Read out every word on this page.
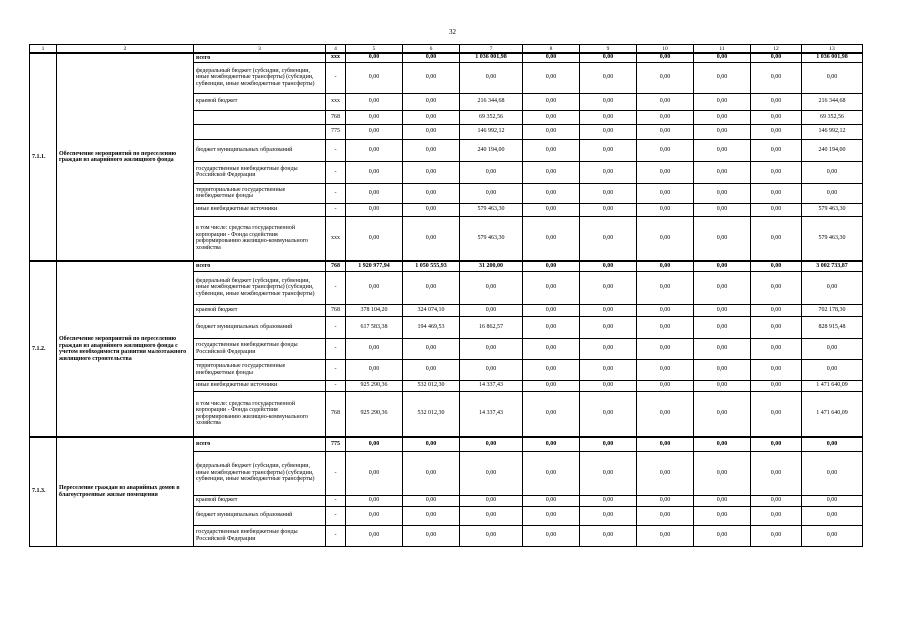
32
1	2	3	4	5	6	7	8	9	10	11	12	13
7.1.1.	Обеспечение мероприятий по переселению граждан из аварийного жилищного фонда	всего	xxx	0,00	0,00	1 036 001,98	0,00	0,00	0,00	0,00	0,00	1 036 001,98
		федеральный бюджет (субсидии, субвенции, иные межбюджетные трансферты) (субсидии, субвенции, иные межбюджетные трансферты)	-	0,00	0,00	0,00	0,00	0,00	0,00	0,00	0,00	0,00
		краевой бюджет	xxx	0,00	0,00	216 344,68	0,00	0,00	0,00	0,00	0,00	216 344,68
			768	0,00	0,00	69 352,56	0,00	0,00	0,00	0,00	0,00	69 352,56
			775	0,00	0,00	146 992,12	0,00	0,00	0,00	0,00	0,00	146 992,12
		бюджет муниципальных образований	-	0,00	0,00	240 194,00	0,00	0,00	0,00	0,00	0,00	240 194,00
		государственные внебюджетные фонды Российской Федерации	-	0,00	0,00	0,00	0,00	0,00	0,00	0,00	0,00	0,00
		территориальные государственные внебюджетные фонды	-	0,00	0,00	0,00	0,00	0,00	0,00	0,00	0,00	0,00
		иные внебюджетные источники	-	0,00	0,00	579 463,30	0,00	0,00	0,00	0,00	0,00	579 463,30
		в том числе: средства государственной корпорации - Фонда содействия реформированию жилищно-коммунального хозяйства	xxx	0,00	0,00	579 463,30	0,00	0,00	0,00	0,00	0,00	579 463,30
7.1.2.	Обеспечение мероприятий по переселению граждан из аварийного жилищного фонда с учетом необходимости развития малоэтажного жилищного строительства	всего	768	1 920 977,94	1 050 555,93	31 200,00	0,00	0,00	0,00	0,00	0,00	3 002 733,87
		федеральный бюджет (субсидии, субвенции, иные межбюджетные трансферты) (субсидии, субвенции, иные межбюджетные трансферты)	-	0,00	0,00	0,00	0,00	0,00	0,00	0,00	0,00	0,00
		краевой бюджет	768	378 104,20	324 074,10	0,00	0,00	0,00	0,00	0,00	0,00	702 178,30
		бюджет муниципальных образований	-	617 583,38	194 469,53	16 862,57	0,00	0,00	0,00	0,00	0,00	828 915,48
		государственные внебюджетные фонды Российской Федерации	-	0,00	0,00	0,00	0,00	0,00	0,00	0,00	0,00	0,00
		территориальные государственные внебюджетные фонды	-	0,00	0,00	0,00	0,00	0,00	0,00	0,00	0,00	0,00
		иные внебюджетные источники	-	925 290,36	532 012,30	14 337,43	0,00	0,00	0,00	0,00	0,00	1 471 640,09
		в том числе: средства государственной корпорации - Фонда содействия реформированию жилищно-коммунального хозяйства	768	925 290,36	532 012,30	14 337,43	0,00	0,00	0,00	0,00	0,00	1 471 640,09
7.1.3.	Переселение граждан из аварийных домов в благоустроенные жилые помещения	всего	775	0,00	0,00	0,00	0,00	0,00	0,00	0,00	0,00	0,00
		федеральный бюджет (субсидии, субвенции, иные межбюджетные трансферты) (субсидии, субвенции, иные межбюджетные трансферты)	-	0,00	0,00	0,00	0,00	0,00	0,00	0,00	0,00	0,00
		краевой бюджет	-	0,00	0,00	0,00	0,00	0,00	0,00	0,00	0,00	0,00
		бюджет муниципальных образований	-	0,00	0,00	0,00	0,00	0,00	0,00	0,00	0,00	0,00
		государственные внебюджетные фонды Российской Федерации	-	0,00	0,00	0,00	0,00	0,00	0,00	0,00	0,00	0,00
